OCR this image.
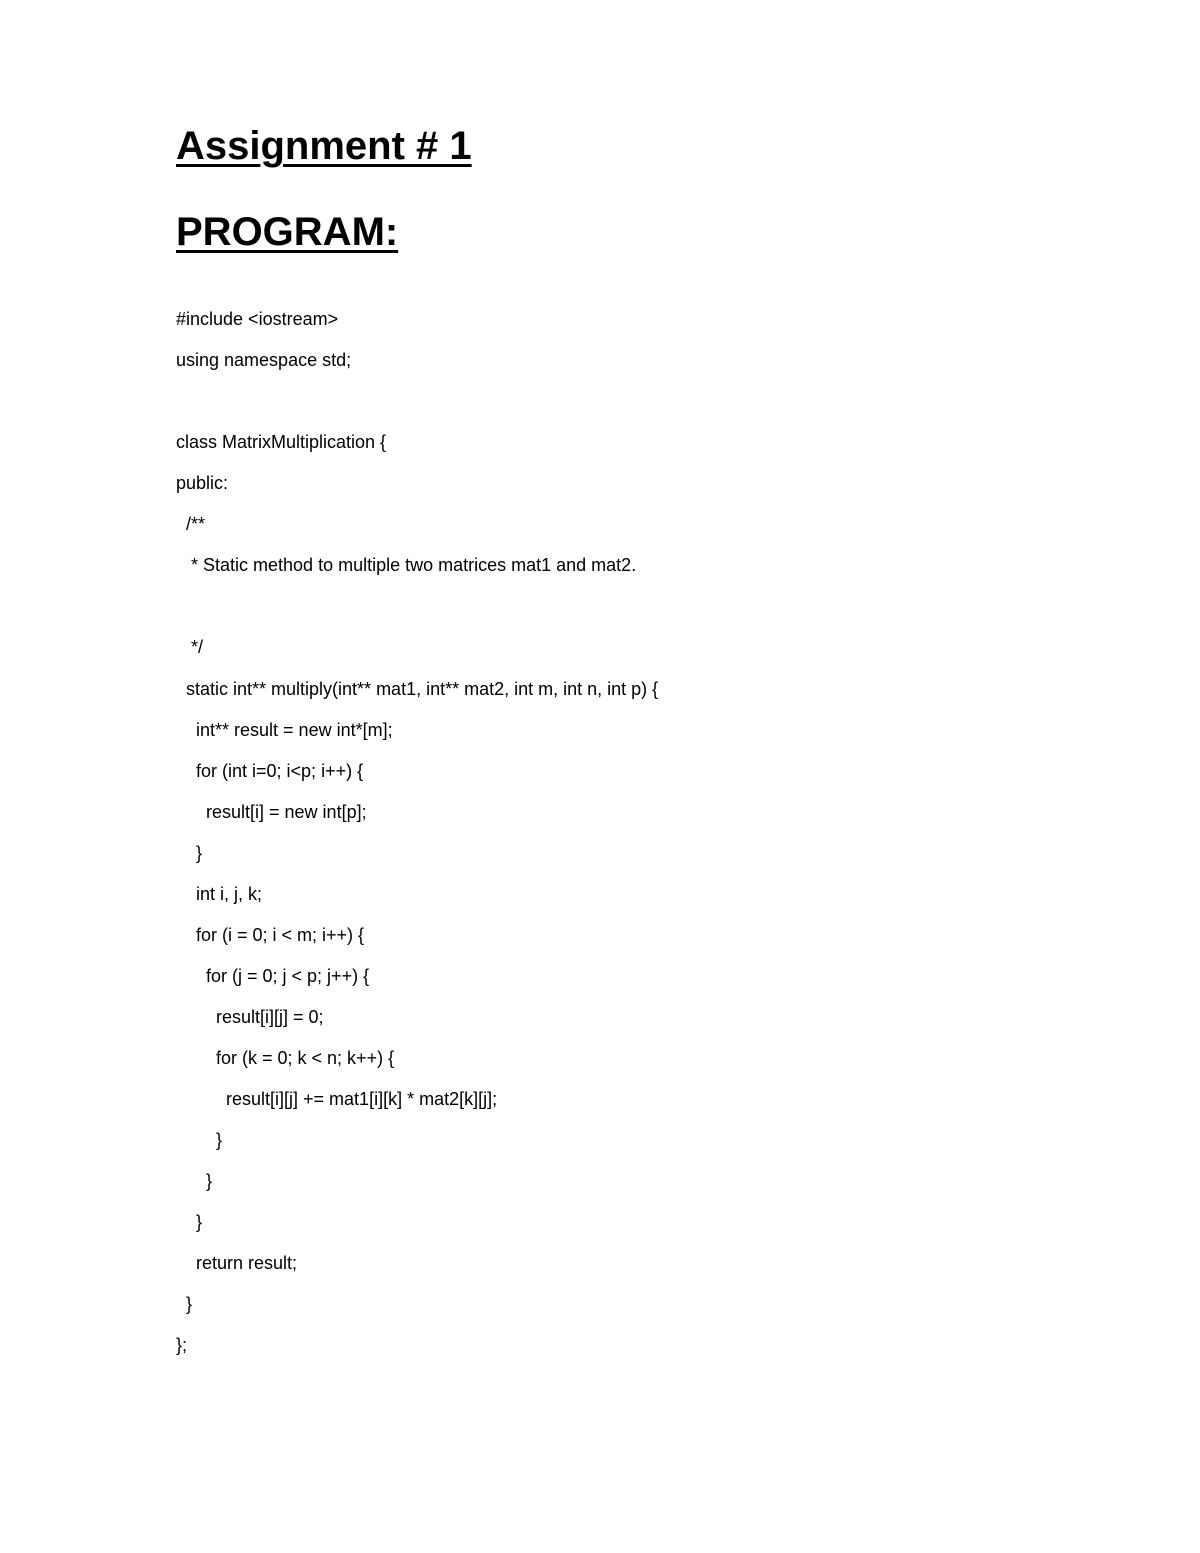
Assignment # 1
PROGRAM:

#include <iostream>

using namespace std;

class MatrixMultiplication {

public:

/**

* Static method to multiple two matrices mat1 and mat2.

*/

static int** multiply(int** mat1, int** mat2, int m, int n, int p) {

int** result = new int*[m];

for (int i=0; i<p; i++) {

result[i] = new int[p];

}

int i, j, k;

for (i = 0; i < m; i++) {

for (j = 0; j < p; j++) {

result[i][j] = 0;

for (k = 0; k < n; k++) {

result[i][j] += mat1[i][k] * mat2[k][j];

}

}

}

return result;

}

};
